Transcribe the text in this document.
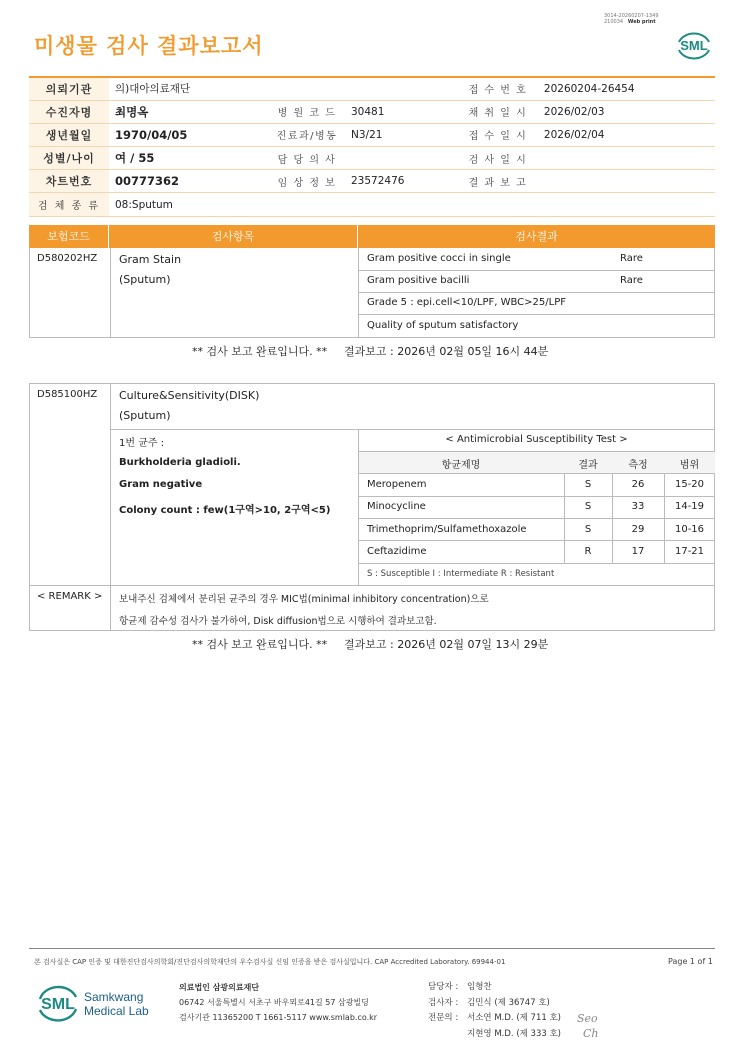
미생물 검사 결과보고서
3014-20260207-1349
210034 Web print
SML
의뢰기관	의)대아의료재단			접 수 번 호	20260204-26454
수진자명	최명옥	병 원 코 드	30481	채 취 일 시	2026/02/03
생년월일	1970/04/05	진료과/병동	N3/21	접 수 일 시	2026/02/04
성별/나이	여 / 55	담 당 의 사		검 사 일 시	
차트번호	00777362	임 상 정 보	23572476	결 과 보 고	
검 체 종 류	08:Sputum				
보험코드	검사항목	검사결과
D580202HZ Gram Stain
(Sputum)
Gram positive cocci in single	Rare
Gram positive bacilli	Rare
Grade 5 : epi.cell<10/LPF, WBC>25/LPF
Quality of sputum satisfactory
** 검사 보고 완료입니다. ** 결과보고 : 2026년 02월 05일 16시 44분
D585100HZ Culture&Sensitivity(DISK)
(Sputum)
1번 균주 :
Burkholderia gladioli.
Gram negative
Colony count : few(1구역>10, 2구역<5)
< Antimicrobial Susceptibility Test >
항균제명	결과	측정	범위
Meropenem	S	26	15-20
Minocycline	S	33	14-19
Trimethoprim/Sulfamethoxazole	S	29	10-16
Ceftazidime	R	17	17-21
S : Susceptible I : Intermediate R : Resistant
< REMARK > 보내주신 검체에서 분리된 균주의 경우 MIC법(minimal inhibitory concentration)으로
항균제 감수성 검사가 불가하여, Disk diffusion법으로 시행하여 결과보고함.
** 검사 보고 완료입니다. ** 결과보고 : 2026년 02월 07일 13시 29분
본 검사실은 CAP 인증 및 대한진단검사의학회/진단검사의학재단의 우수검사실 신임 인증을 받은 검사실입니다. CAP Accredited Laboratory. 69944-01	Page 1 of 1
SML Samkwang
Medical Lab
의료법인 삼광의료재단
06742 서울특별시 서초구 바우뫼로41길 57 삼광빌딩
검사기관 11365200 T 1661-5117 www.smlab.co.kr
담당자 : 임형찬
검사자 : 김민식 (제 36747 호)
전문의 : 서소연 M.D. (제 711 호)
지현영 M.D. (제 333 호)
Seo
Ch
